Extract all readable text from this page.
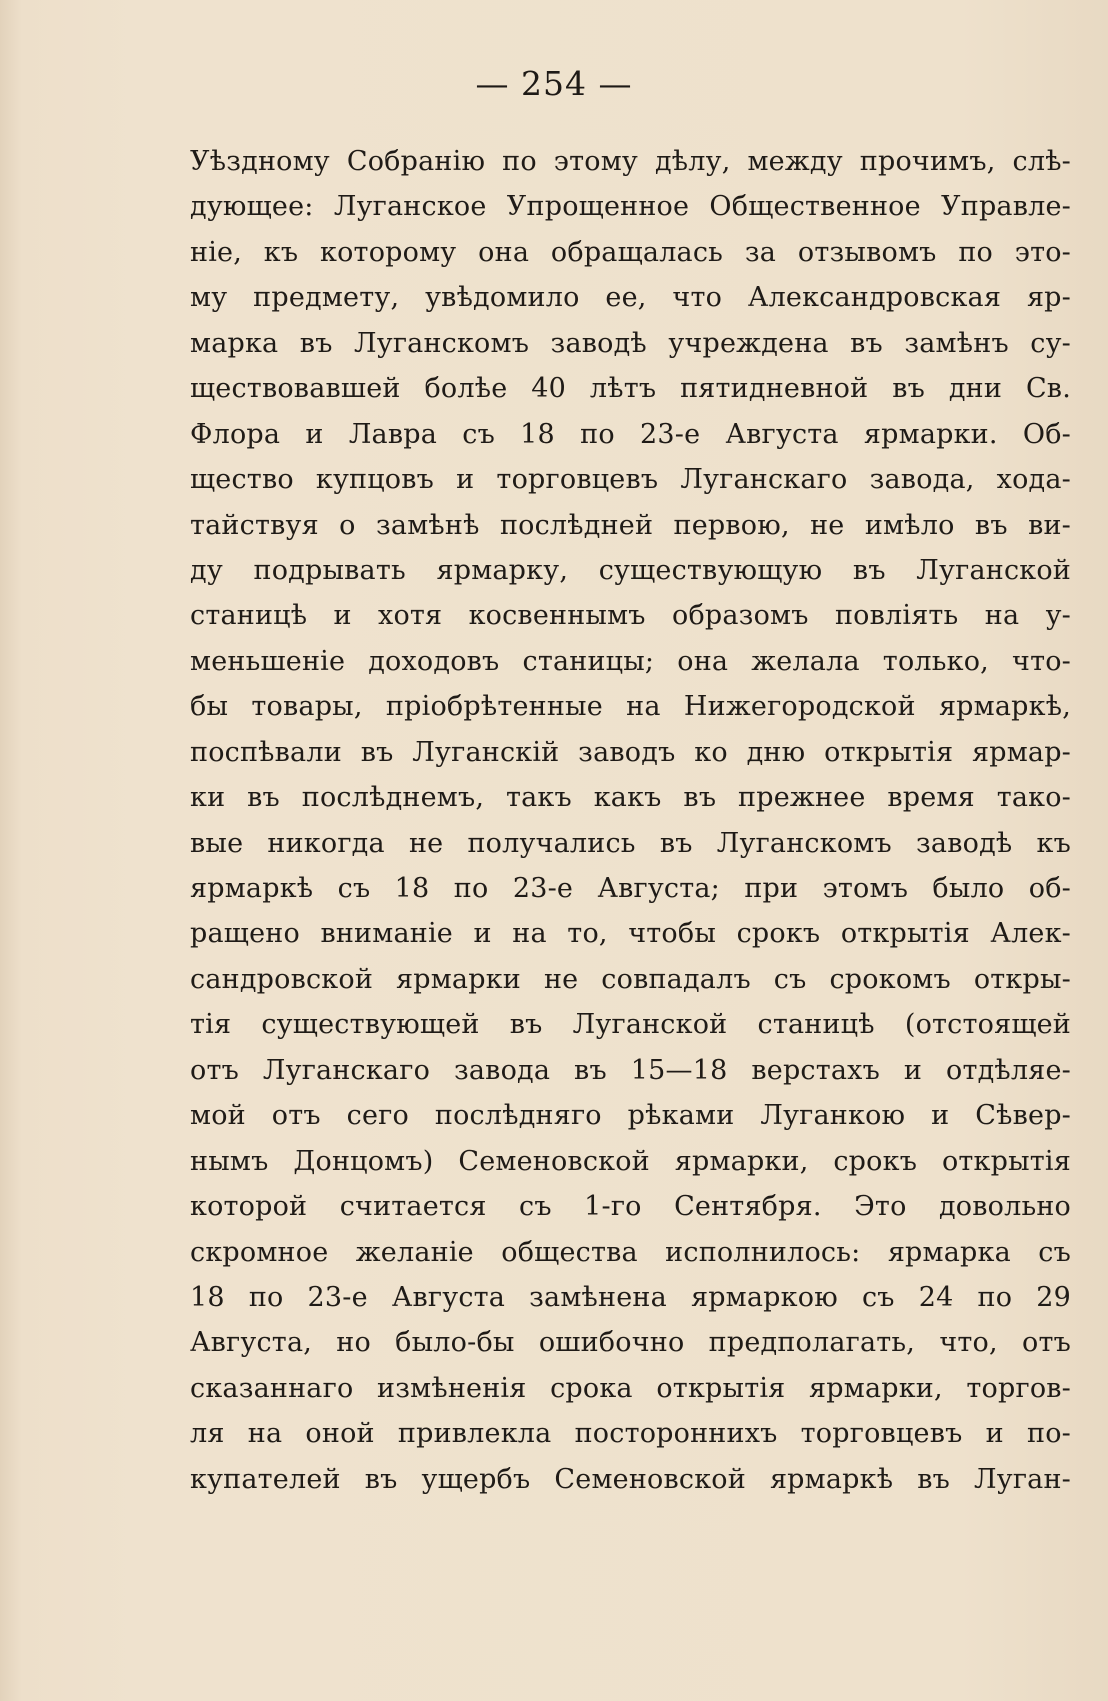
— 254 —
Уѣздному Собранію по этому дѣлу, между прочимъ, слѣ-
дующее: Луганское Упрощенное Общественное Управле-
ніе, къ которому она обращалась за отзывомъ по это-
му предмету, увѣдомило ее, что Александровская яр-
марка въ Луганскомъ заводѣ учреждена въ замѣнъ су-
ществовавшей болѣе 40 лѣтъ пятидневной въ дни Св.
Флора и Лавра съ 18 по 23-е Августа ярмарки. Об-
щество купцовъ и торговцевъ Луганскаго завода, хода-
тайствуя о замѣнѣ послѣдней первою, не имѣло въ ви-
ду подрывать ярмарку, существующую въ Луганской
станицѣ и хотя косвеннымъ образомъ повліять на у-
меньшеніе доходовъ станицы; она желала только, что-
бы товары, пріобрѣтенные на Нижегородской ярмаркѣ,
поспѣвали въ Луганскій заводъ ко дню открытія ярмар-
ки въ послѣднемъ, такъ какъ въ прежнее время тако-
вые никогда не получались въ Луганскомъ заводѣ къ
ярмаркѣ съ 18 по 23-е Августа; при этомъ было об-
ращено вниманіе и на то, чтобы срокъ открытія Алек-
сандровской ярмарки не совпадалъ съ срокомъ откры-
тія существующей въ Луганской станицѣ (отстоящей
отъ Луганскаго завода въ 15—18 верстахъ и отдѣляе-
мой отъ сего послѣдняго рѣками Луганкою и Сѣвер-
нымъ Донцомъ) Семеновской ярмарки, срокъ открытія
которой считается съ 1-го Сентября. Это довольно
скромное желаніе общества исполнилось: ярмарка съ
18 по 23-е Августа замѣнена ярмаркою съ 24 по 29
Августа, но было-бы ошибочно предполагать, что, отъ
сказаннаго измѣненія срока открытія ярмарки, торгов-
ля на оной привлекла постороннихъ торговцевъ и по-
купателей въ ущербъ Семеновской ярмаркѣ въ Луган-
